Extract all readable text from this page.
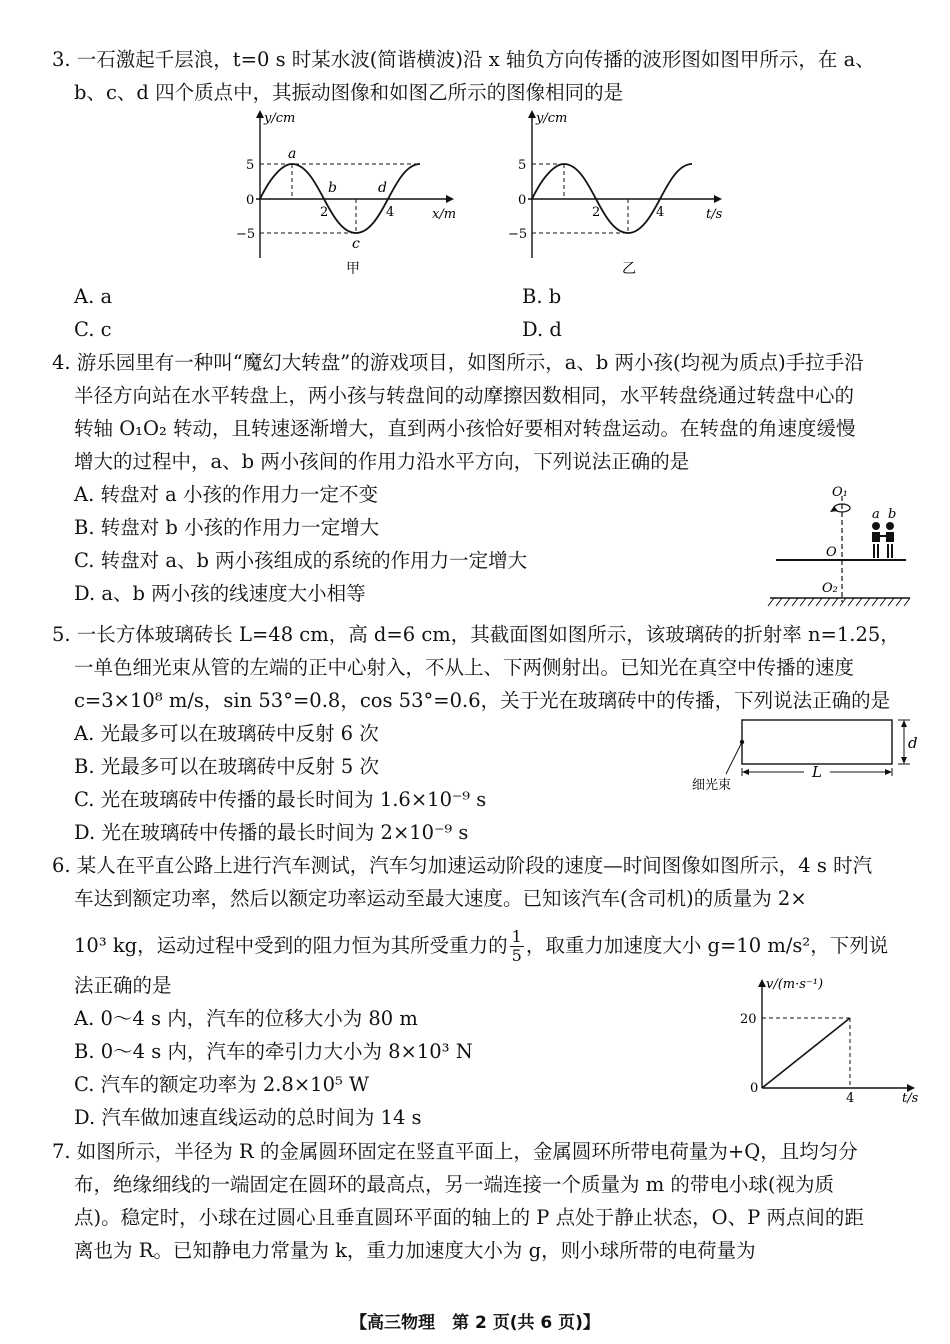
3. 一石激起千层浪，t=0 s 时某水波(简谐横波)沿 x 轴负方向传播的波形图如图甲所示，在 a、
b、c、d 四个质点中，其振动图像和如图乙所示的图像相同的是
y/cm
5
0
−5
2	4	x/m
a
b
c
d
甲
y/cm
5
0
−5
2	4	t/s
乙
A. a	B. b
C. c	D. d
4. 游乐园里有一种叫“魔幻大转盘”的游戏项目，如图所示，a、b 两小孩(均视为质点)手拉手沿
半径方向站在水平转盘上，两小孩与转盘间的动摩擦因数相同，水平转盘绕通过转盘中心的
转轴 O₁O₂ 转动，且转速逐渐增大，直到两小孩恰好要相对转盘运动。在转盘的角速度缓慢
增大的过程中，a、b 两小孩间的作用力沿水平方向，下列说法正确的是
A. 转盘对 a 小孩的作用力一定不变
B. 转盘对 b 小孩的作用力一定增大
C. 转盘对 a、b 两小孩组成的系统的作用力一定增大
D. a、b 两小孩的线速度大小相等
O₁
O
O₂
a b
5. 一长方体玻璃砖长 L=48 cm，高 d=6 cm，其截面图如图所示，该玻璃砖的折射率 n=1.25，
一单色细光束从管的左端的正中心射入，不从上、下两侧射出。已知光在真空中传播的速度
c=3×10⁸ m/s，sin 53°=0.8，cos 53°=0.6，关于光在玻璃砖中的传播，下列说法正确的是
A. 光最多可以在玻璃砖中反射 6 次
B. 光最多可以在玻璃砖中反射 5 次
C. 光在玻璃砖中传播的最长时间为 1.6×10⁻⁹ s
D. 光在玻璃砖中传播的最长时间为 2×10⁻⁹ s
d
L
细光束
6. 某人在平直公路上进行汽车测试，汽车匀加速运动阶段的速度—时间图像如图所示，4 s 时汽
车达到额定功率，然后以额定功率运动至最大速度。已知该汽车(含司机)的质量为 2×
10³ kg，运动过程中受到的阻力恒为其所受重力的 $\frac{1}{5}$ ，取重力加速度大小 g=10 m/s²，下列说
法正确的是
A. 0～4 s 内，汽车的位移大小为 80 m
B. 0～4 s 内，汽车的牵引力大小为 8×10³ N
C. 汽车的额定功率为 2.8×10⁵ W
D. 汽车做加速直线运动的总时间为 14 s
v/(m·s⁻¹)
20
0
4	t/s
7. 如图所示，半径为 R 的金属圆环固定在竖直平面上，金属圆环所带电荷量为+Q，且均匀分
布，绝缘细线的一端固定在圆环的最高点，另一端连接一个质量为 m 的带电小球(视为质
点)。稳定时，小球在过圆心且垂直圆环平面的轴上的 P 点处于静止状态，O、P 两点间的距
离也为 R。已知静电力常量为 k，重力加速度大小为 g，则小球所带的电荷量为
【高三物理　第 2 页(共 6 页)】
